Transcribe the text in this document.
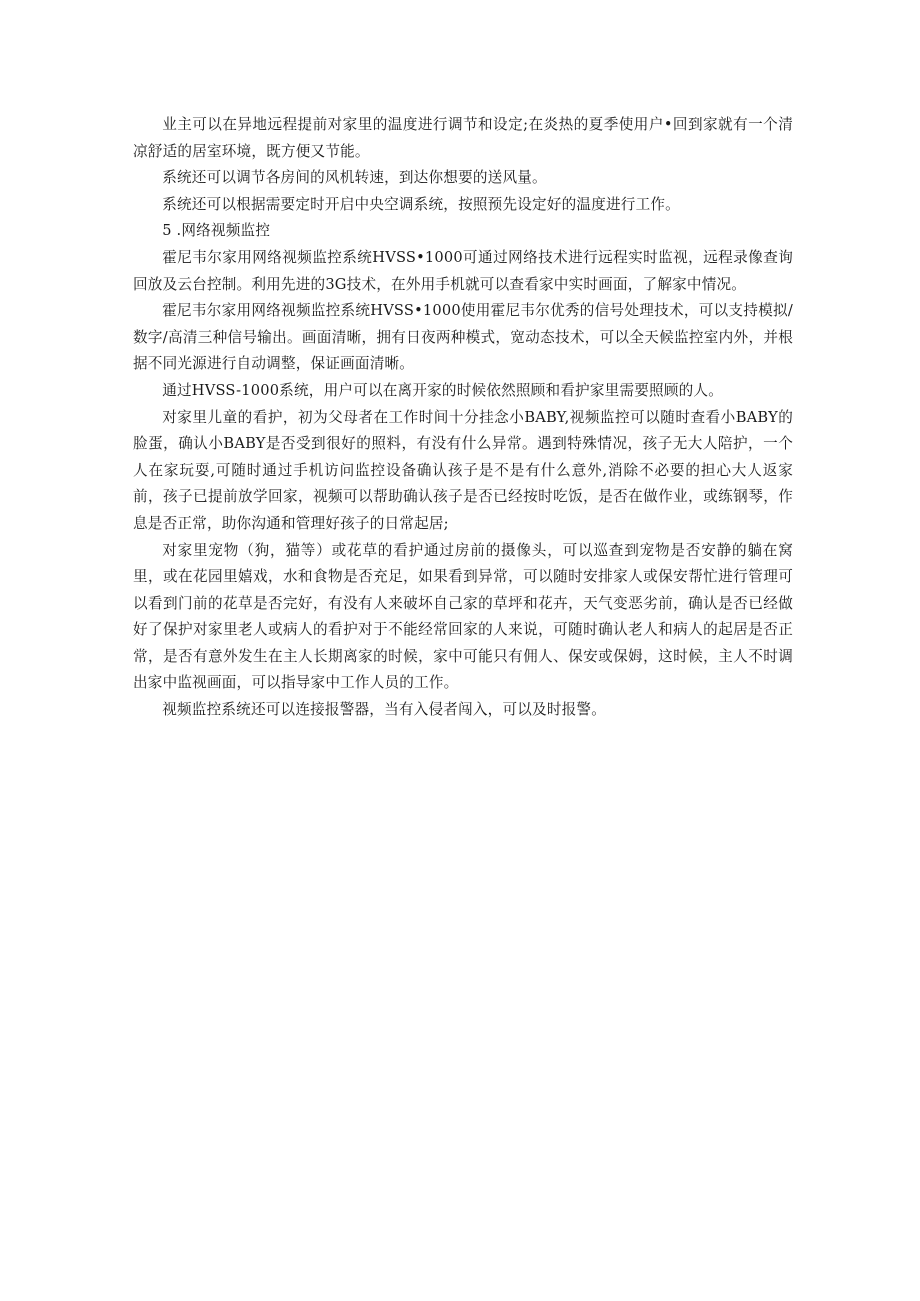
业主可以在异地远程提前对家里的温度进行调节和设定;在炎热的夏季使用户•回到家就有一个清凉舒适的居室环境，既方便又节能。

系统还可以调节各房间的风机转速，到达你想要的送风量。

系统还可以根据需要定时开启中央空调系统，按照预先设定好的温度进行工作。

5 .网络视频监控

霍尼韦尔家用网络视频监控系统HVSS•1000可通过网络技术进行远程实时监视，远程录像查询回放及云台控制。利用先进的3G技术，在外用手机就可以查看家中实时画面，了解家中情况。

霍尼韦尔家用网络视频监控系统HVSS•1000使用霍尼韦尔优秀的信号处理技术，可以支持模拟/数字/高清三种信号输出。画面清晰，拥有日夜两种模式，宽动态技术，可以全天候监控室内外，并根据不同光源进行自动调整，保证画面清晰。

通过HVSS-1000系统，用户可以在离开家的时候依然照顾和看护家里需要照顾的人。

对家里儿童的看护，初为父母者在工作时间十分挂念小BABY,视频监控可以随时查看小BABY的脸蛋，确认小BABY是否受到很好的照料，有没有什么异常。遇到特殊情况，孩子无大人陪护，一个人在家玩耍,可随时通过手机访问监控设备确认孩子是不是有什么意外,消除不必要的担心大人返家前，孩子已提前放学回家，视频可以帮助确认孩子是否已经按时吃饭，是否在做作业，或练钢琴，作息是否正常，助你沟通和管理好孩子的日常起居;

对家里宠物（狗，猫等）或花草的看护通过房前的摄像头，可以巡查到宠物是否安静的躺在窝里，或在花园里嬉戏，水和食物是否充足，如果看到异常，可以随时安排家人或保安帮忙进行管理可以看到门前的花草是否完好，有没有人来破坏自己家的草坪和花卉，天气变恶劣前，确认是否已经做好了保护对家里老人或病人的看护对于不能经常回家的人来说，可随时确认老人和病人的起居是否正常，是否有意外发生在主人长期离家的时候，家中可能只有佣人、保安或保姆，这时候，主人不时调出家中监视画面，可以指导家中工作人员的工作。

视频监控系统还可以连接报警器，当有入侵者闯入，可以及时报警。
